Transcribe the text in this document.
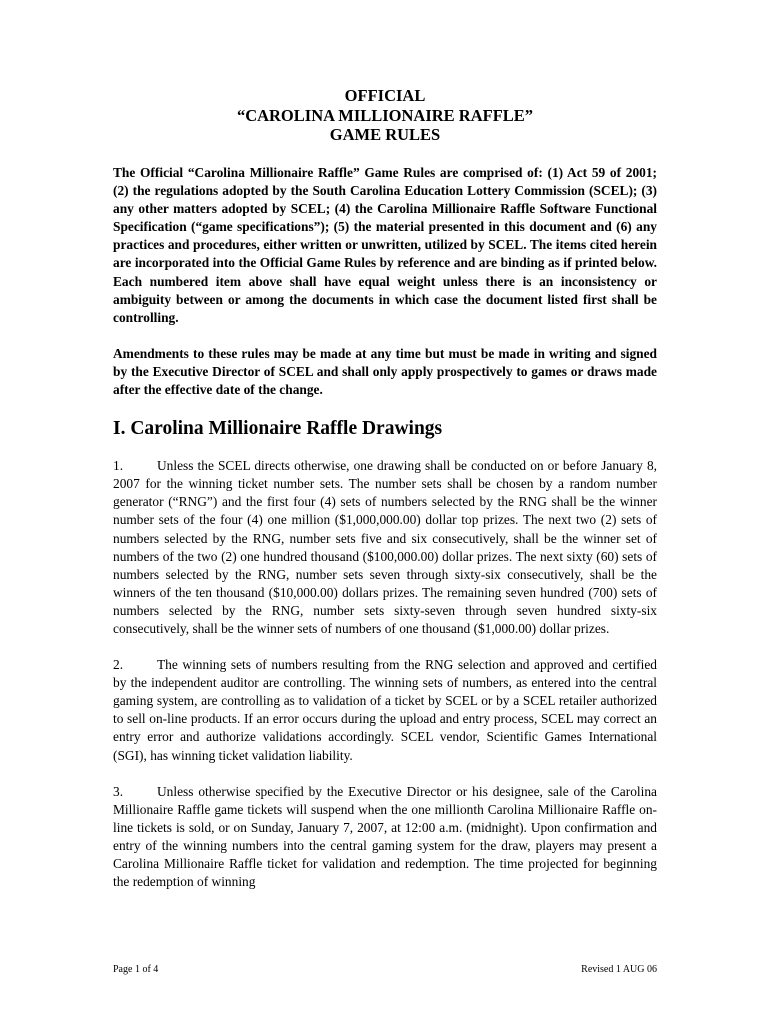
OFFICIAL
“CAROLINA MILLIONAIRE RAFFLE”
GAME RULES

The Official “Carolina Millionaire Raffle” Game Rules are comprised of: (1) Act 59 of 2001; (2) the regulations adopted by the South Carolina Education Lottery Commission (SCEL); (3) any other matters adopted by SCEL; (4) the Carolina Millionaire Raffle Software Functional Specification (“game specifications”); (5) the material presented in this document and (6) any practices and procedures, either written or unwritten, utilized by SCEL. The items cited herein are incorporated into the Official Game Rules by reference and are binding as if printed below. Each numbered item above shall have equal weight unless there is an inconsistency or ambiguity between or among the documents in which case the document listed first shall be controlling.

Amendments to these rules may be made at any time but must be made in writing and signed by the Executive Director of SCEL and shall only apply prospectively to games or draws made after the effective date of the change.

I. Carolina Millionaire Raffle Drawings

1.	Unless the SCEL directs otherwise, one drawing shall be conducted on or before January 8, 2007 for the winning ticket number sets. The number sets shall be chosen by a random number generator (“RNG”) and the first four (4) sets of numbers selected by the RNG shall be the winner number sets of the four (4) one million ($1,000,000.00) dollar top prizes. The next two (2) sets of numbers selected by the RNG, number sets five and six consecutively, shall be the winner set of numbers of the two (2) one hundred thousand ($100,000.00) dollar prizes. The next sixty (60) sets of numbers selected by the RNG, number sets seven through sixty-six consecutively, shall be the winners of the ten thousand ($10,000.00) dollars prizes. The remaining seven hundred (700) sets of numbers selected by the RNG, number sets sixty-seven through seven hundred sixty-six consecutively, shall be the winner sets of numbers of one thousand ($1,000.00) dollar prizes.

2.	The winning sets of numbers resulting from the RNG selection and approved and certified by the independent auditor are controlling. The winning sets of numbers, as entered into the central gaming system, are controlling as to validation of a ticket by SCEL or by a SCEL retailer authorized to sell on-line products. If an error occurs during the upload and entry process, SCEL may correct an entry error and authorize validations accordingly. SCEL vendor, Scientific Games International (SGI), has winning ticket validation liability.

3.	Unless otherwise specified by the Executive Director or his designee, sale of the Carolina Millionaire Raffle game tickets will suspend when the one millionth Carolina Millionaire Raffle on-line tickets is sold, or on Sunday, January 7, 2007, at 12:00 a.m. (midnight). Upon confirmation and entry of the winning numbers into the central gaming system for the draw, players may present a Carolina Millionaire Raffle ticket for validation and redemption. The time projected for beginning the redemption of winning

Page 1 of 4	Revised 1 AUG 06
